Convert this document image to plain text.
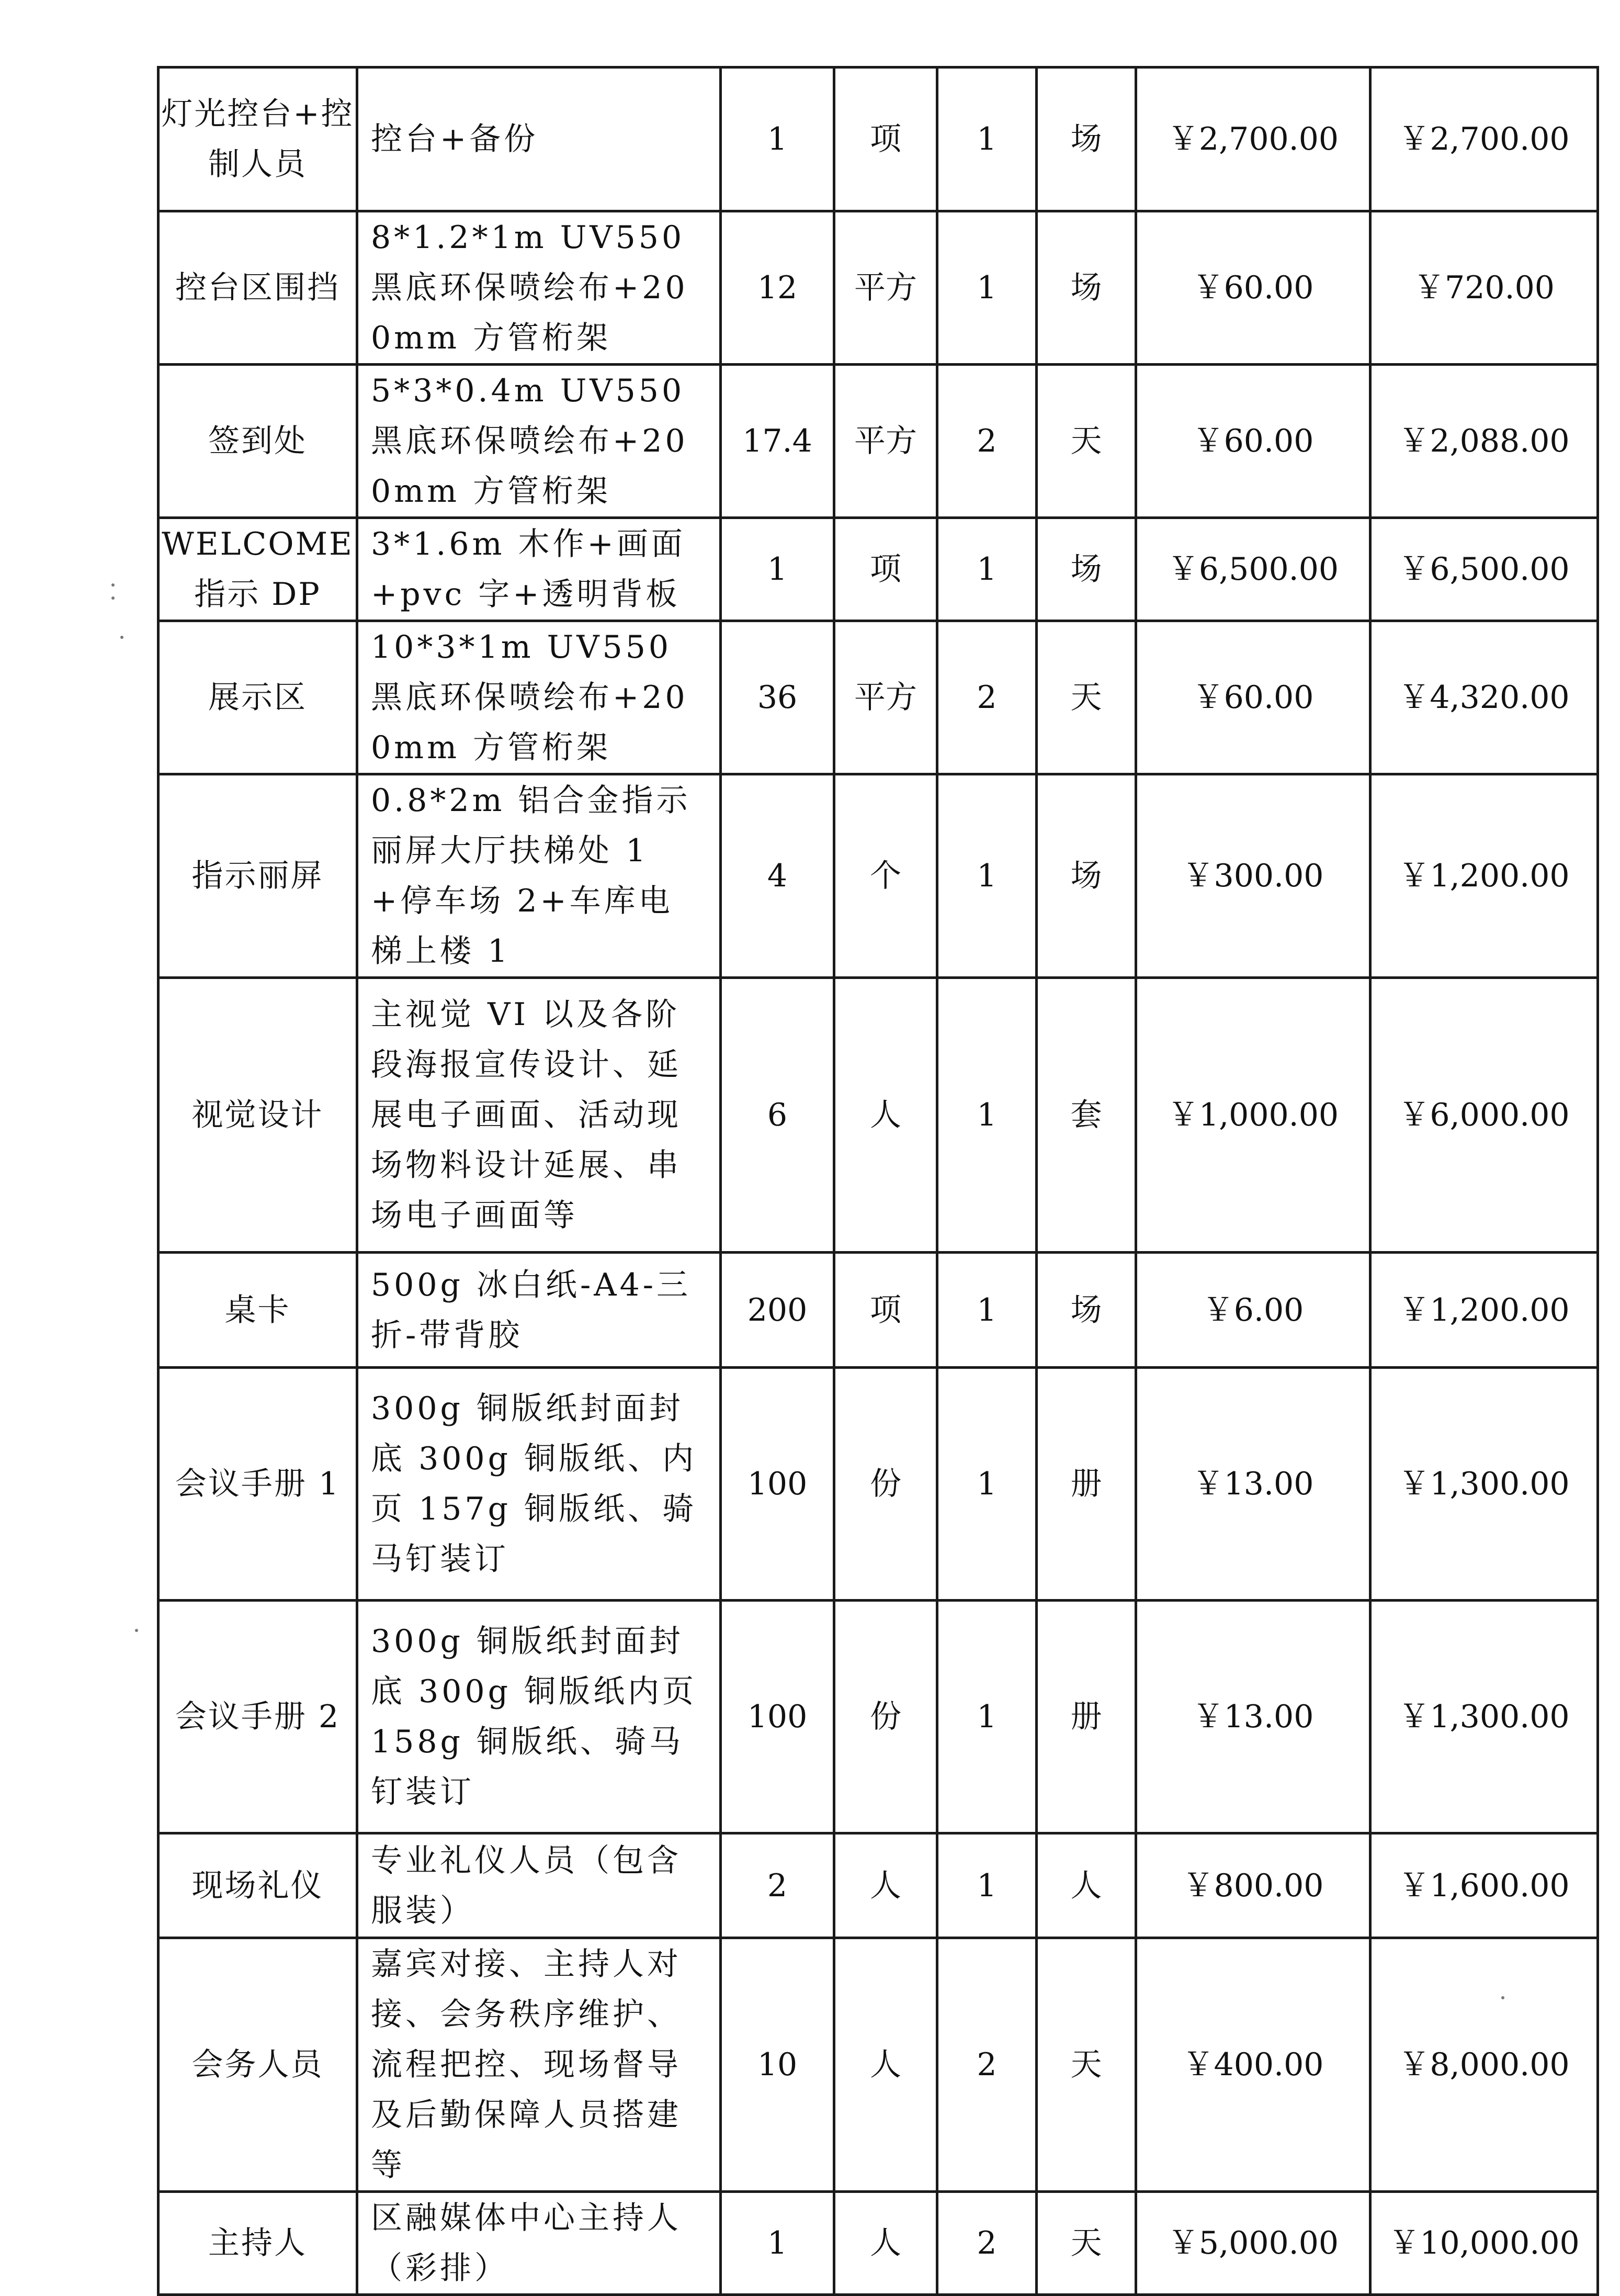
灯光控台+控制人员	控台+备份	1	项	1	场	￥2,700.00	￥2,700.00
控台区围挡	8*1.2*1m UV550 黑底环保喷绘布+200mm 方管桁架	12	平方	1	场	￥60.00	￥720.00
签到处	5*3*0.4m UV550 黑底环保喷绘布+200mm 方管桁架	17.4	平方	2	天	￥60.00	￥2,088.00
WELCOME 指示 DP	3*1.6m 木作+画面+pvc 字+透明背板	1	项	1	场	￥6,500.00	￥6,500.00
展示区	10*3*1m UV550 黑底环保喷绘布+200mm 方管桁架	36	平方	2	天	￥60.00	￥4,320.00
指示丽屏	0.8*2m 铝合金指示丽屏大厅扶梯处 1+停车场 2+车库电梯上楼 1	4	个	1	场	￥300.00	￥1,200.00
视觉设计	主视觉 VI 以及各阶段海报宣传设计、延展电子画面、活动现场物料设计延展、串场电子画面等	6	人	1	套	￥1,000.00	￥6,000.00
桌卡	500g 冰白纸-A4-三折-带背胶	200	项	1	场	￥6.00	￥1,200.00
会议手册 1	300g 铜版纸封面封底 300g 铜版纸、内页 157g 铜版纸、骑马钉装订	100	份	1	册	￥13.00	￥1,300.00
会议手册 2	300g 铜版纸封面封底 300g 铜版纸内页 158g 铜版纸、骑马钉装订	100	份	1	册	￥13.00	￥1,300.00
现场礼仪	专业礼仪人员（包含服装）	2	人	1	人	￥800.00	￥1,600.00
会务人员	嘉宾对接、主持人对接、会务秩序维护、流程把控、现场督导及后勤保障人员搭建等	10	人	2	天	￥400.00	￥8,000.00
主持人	区融媒体中心主持人（彩排）	1	人	2	天	￥5,000.00	￥10,000.00
